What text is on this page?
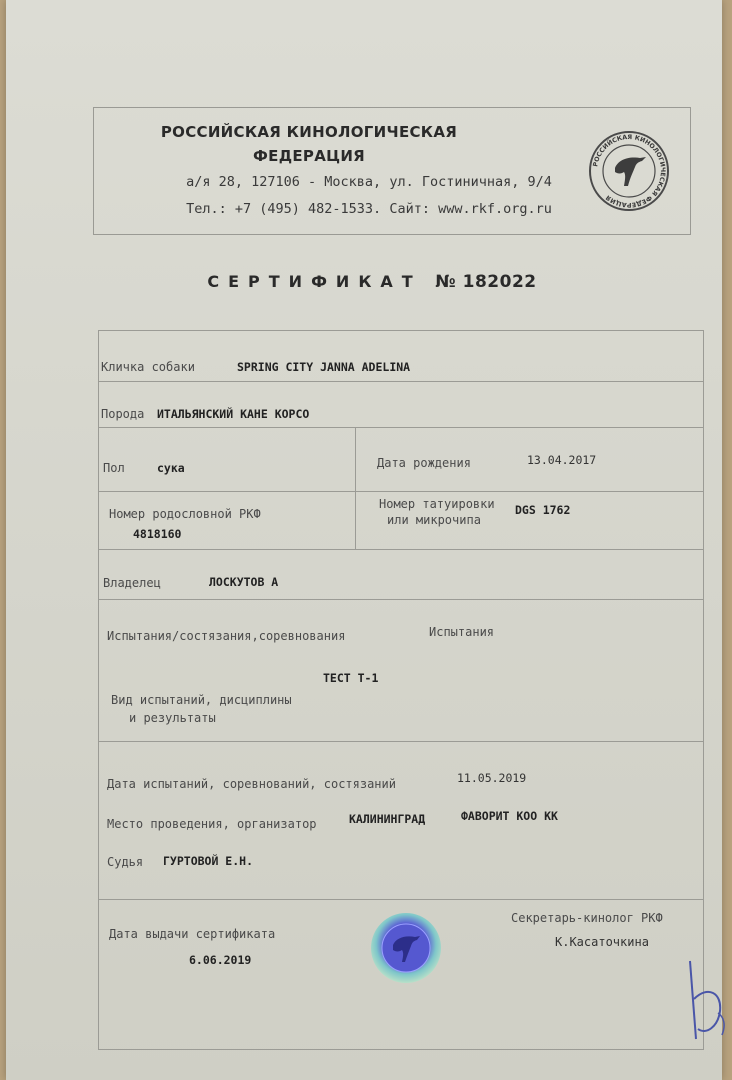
РОССИЙСКАЯ КИНОЛОГИЧЕСКАЯ
ФЕДЕРАЦИЯ
а/я 28, 127106 - Москва, ул. Гостиничная, 9/4
Тел.: +7 (495) 482-1533. Сайт: www.rkf.org.ru
РОССИЙСКАЯ КИНОЛОГИЧЕСКАЯ ФЕДЕРАЦИЯ
СЕРТИФИКАТ № 182022
Кличка собаки	SPRING CITY JANNA ADELINA
Порода ИТАЛЬЯНСКИЙ КАНЕ КОРСО
Пол	сука	Дата рождения	13.04.2017
Номер родословной РКФ
4818160
Номер татуировки
или микрочипа
DGS 1762
Владелец	ЛОСКУТОВ А
Испытания/состязания,соревнования	Испытания
ТЕСТ Т-1
Вид испытаний, дисциплины
и результаты
Дата испытаний, соревнований, состязаний	11.05.2019
Место проведения, организатор	КАЛИНИНГРАД	ФАВОРИТ КОО КК
Судья ГУРТОВОЙ Е.Н.
Дата выдачи сертификата
6.06.2019
Секретарь-кинолог РКФ
К.Касаточкина
